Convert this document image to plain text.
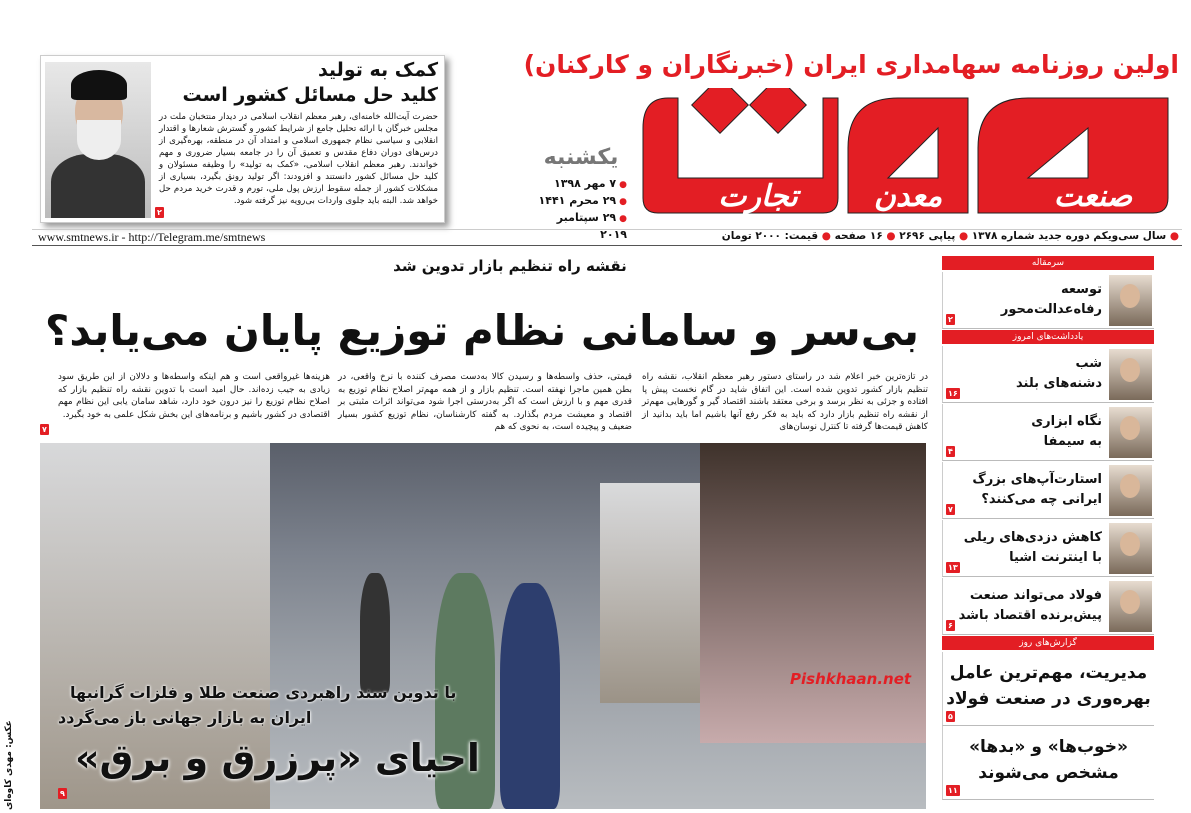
اولین روزنامه سهامداری ایران (خبرنگاران و کارکنان)
تجارت	معدن	صنعت
یکشنبه
● ۷ مهر ۱۳۹۸
● ۲۹ محرم ۱۴۴۱
● ۲۹ سپتامبر ۲۰۱۹
کمک به تولید
کلید حل مسائل کشور است
حضرت آیت‌الله خامنه‌ای، رهبر معظم انقلاب اسلامی در دیدار منتخبان ملت در مجلس خبرگان با ارائه تحلیل جامع از شرایط کشور و گسترش شعارها و اقتدار انقلابی و سیاسی نظام جمهوری اسلامی و امتداد آن در منطقه، بهره‌گیری از درس‌های دوران دفاع مقدس و تعمیق آن را در جامعه بسیار ضروری و مهم خواندند. رهبر معظم انقلاب اسلامی، «کمک به تولید» را وظیفه مسئولان و کلید حل مسائل کشور دانستند و افزودند: اگر تولید رونق بگیرد، بسیاری از مشکلات کشور از جمله سقوط ارزش پول ملی، تورم و قدرت خرید مردم حل خواهد شد. البته باید جلوی واردات بی‌رویه نیز گرفته شود.
۲
www.smtnews.ir - http://Telegram.me/smtnews	● سال سی‌ویکم دوره جدید شماره ۱۳۷۸ ● پیاپی ۲۶۹۶ ● ۱۶ صفحه ● قیمت: ۲۰۰۰ تومان
نقشه راه تنظیم بازار تدوین شد
بی‌سر و سامانی نظام توزیع پایان می‌یابد؟
در تازه‌ترین خبر اعلام شد در راستای دستور رهبر معظم انقلاب، نقشه راه تنظیم بازار کشور تدوین شده است. این اتفاق شاید در گام نخست پیش پا افتاده و جزئی به نظر برسد و برخی معتقد باشند اقتصاد گیر و گورهایی مهم‌تر از نقشه راه تنظیم بازار دارد که باید به فکر رفع آنها باشیم اما باید بدانید از کاهش قیمت‌ها گرفته تا کنترل نوسان‌های
قیمتی، حذف واسطه‌ها و رسیدن کالا به‌دست مصرف کننده با نرخ واقعی، در بطن همین ماجرا نهفته است. تنظیم بازار و از همه مهم‌تر اصلاح نظام توزیع به قدری مهم و با ارزش است که اگر به‌درستی اجرا شود می‌تواند اثرات مثبتی بر اقتصاد و معیشت مردم بگذارد. به گفته کارشناسان، نظام توزیع کشور بسیار ضعیف و پیچیده است، به نحوی که هم
هزینه‌ها غیرواقعی است و هم اینکه واسطه‌ها و دلالان از این طریق سود زیادی به جیب زده‌اند. حال امید است با تدوین نقشه راه تنظیم بازار که اصلاح نظام توزیع را نیز درون خود دارد، شاهد سامان یابی این نظام مهم اقتصادی در کشور باشیم و برنامه‌های این بخش شکل علمی به خود بگیرد.
۷
با تدوین سند راهبردی صنعت طلا و فلزات گرانبها
ایران به بازار جهانی باز می‌گردد
احیای «پرزرق و برق»
۹
عکس: مهدی کاوه‌ای
Pishkhaan.net
سرمقاله
توسعه
رفاه‌عدالت‌محور
۲
یادداشت‌های امروز
شب
دشنه‌های بلند
۱۶
نگاه ابزاری
به سیمفا
۴
استارت‌آپ‌های بزرگ
ایرانی چه می‌کنند؟
۷
کاهش دزدی‌های ریلی
با اینترنت اشیا
۱۳
فولاد می‌تواند صنعت
پیش‌برنده اقتصاد باشد
۶
گزارش‌های روز
مدیریت، مهم‌ترین عامل
بهره‌وری در صنعت فولاد
۵
«خوب‌ها» و «بدها»
مشخص می‌شوند
۱۱
